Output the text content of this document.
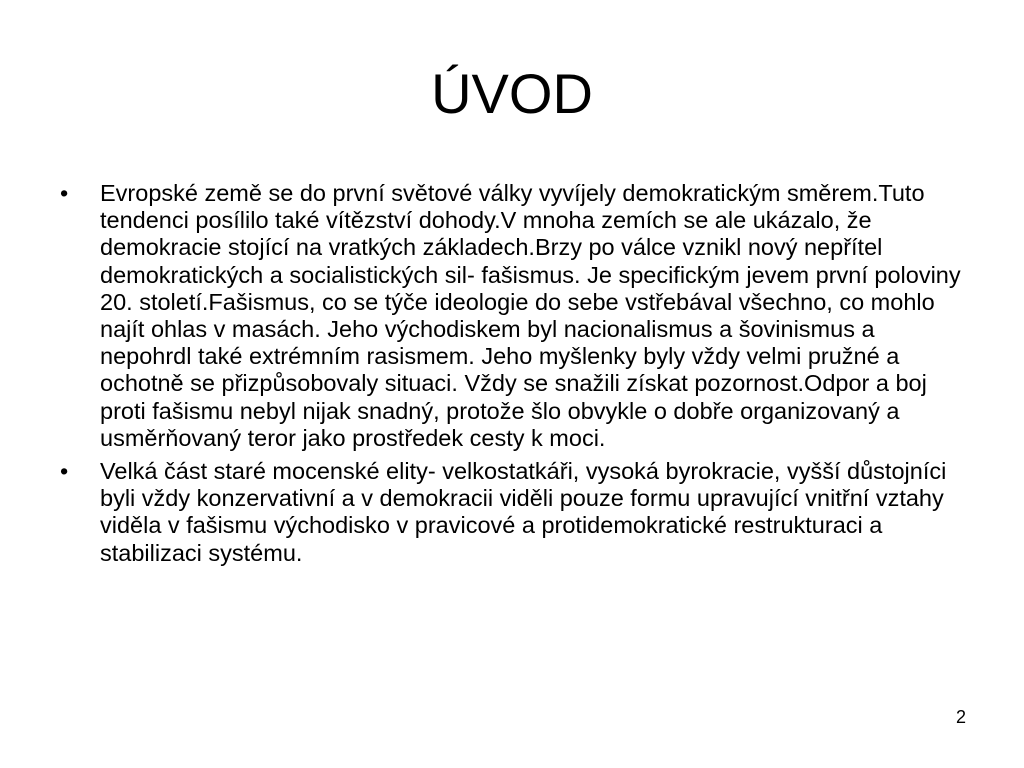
ÚVOD
•	Evropské země se do první světové války vyvíjely demokratickým směrem.Tuto tendenci posílilo také vítězství dohody.V mnoha zemích se ale ukázalo, že demokracie stojící na vratkých základech.Brzy po válce vznikl nový nepřítel demokratických a socialistických sil- fašismus. Je specifickým jevem první poloviny 20. století.Fašismus, co se týče ideologie do sebe vstřebával všechno, co mohlo najít ohlas v masách. Jeho východiskem byl nacionalismus a šovinismus a nepohrdl také extrémním rasismem. Jeho myšlenky byly vždy velmi pružné a ochotně se přizpůsobovaly situaci. Vždy se snažili získat pozornost.Odpor a boj proti fašismu nebyl nijak snadný, protože šlo obvykle o dobře organizovaný a usměrňovaný teror jako prostředek cesty k moci.
•	Velká část staré mocenské elity- velkostatkáři, vysoká byrokracie, vyšší důstojníci byli vždy konzervativní a v demokracii viděli pouze formu upravující vnitřní vztahy viděla v fašismu východisko v pravicové a protidemokratické restrukturaci a stabilizaci systému.
2
